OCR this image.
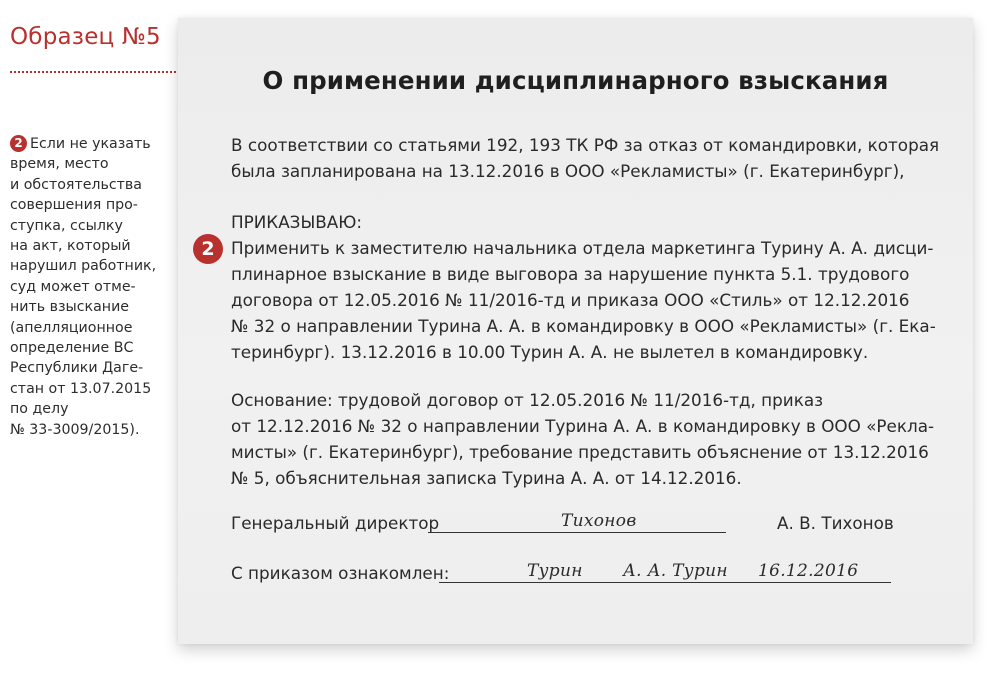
Образец №5
2 Если не указать
время, место
и обстоятельства
совершения про-
ступка, ссылку
на акт, который
нарушил работник,
суд может отме-
нить взыскание
(апелляционное
определение ВС
Республики Даге-
стан от 13.07.2015
по делу
№ 33-3009/2015).
О применении дисциплинарного взыскания
В соответствии со статьями 192, 193 ТК РФ за отказ от командировки, которая
была запланирована на 13.12.2016 в ООО «Рекламисты» (г. Екатеринбург),
2
ПРИКАЗЫВАЮ:
Применить к заместителю начальника отдела маркетинга Турину А. А. дисци-
плинарное взыскание в виде выговора за нарушение пункта 5.1. трудового
договора от 12.05.2016 № 11/2016-тд и приказа ООО «Стиль» от 12.12.2016
№ 32 о направлении Турина А. А. в командировку в ООО «Рекламисты» (г. Ека-
теринбург). 13.12.2016 в 10.00 Турин А. А. не вылетел в командировку.
Основание: трудовой договор от 12.05.2016 № 11/2016-тд, приказ
от 12.12.2016 № 32 о направлении Турина А. А. в командировку в ООО «Рекла-
мисты» (г. Екатеринбург), требование представить объяснение от 13.12.2016
№ 5, объяснительная записка Турина А. А. от 14.12.2016.
Генеральный директор	Тихонов	А. В. Тихонов
С приказом ознакомлен:	Турин А. А. Турин 16.12.2016
